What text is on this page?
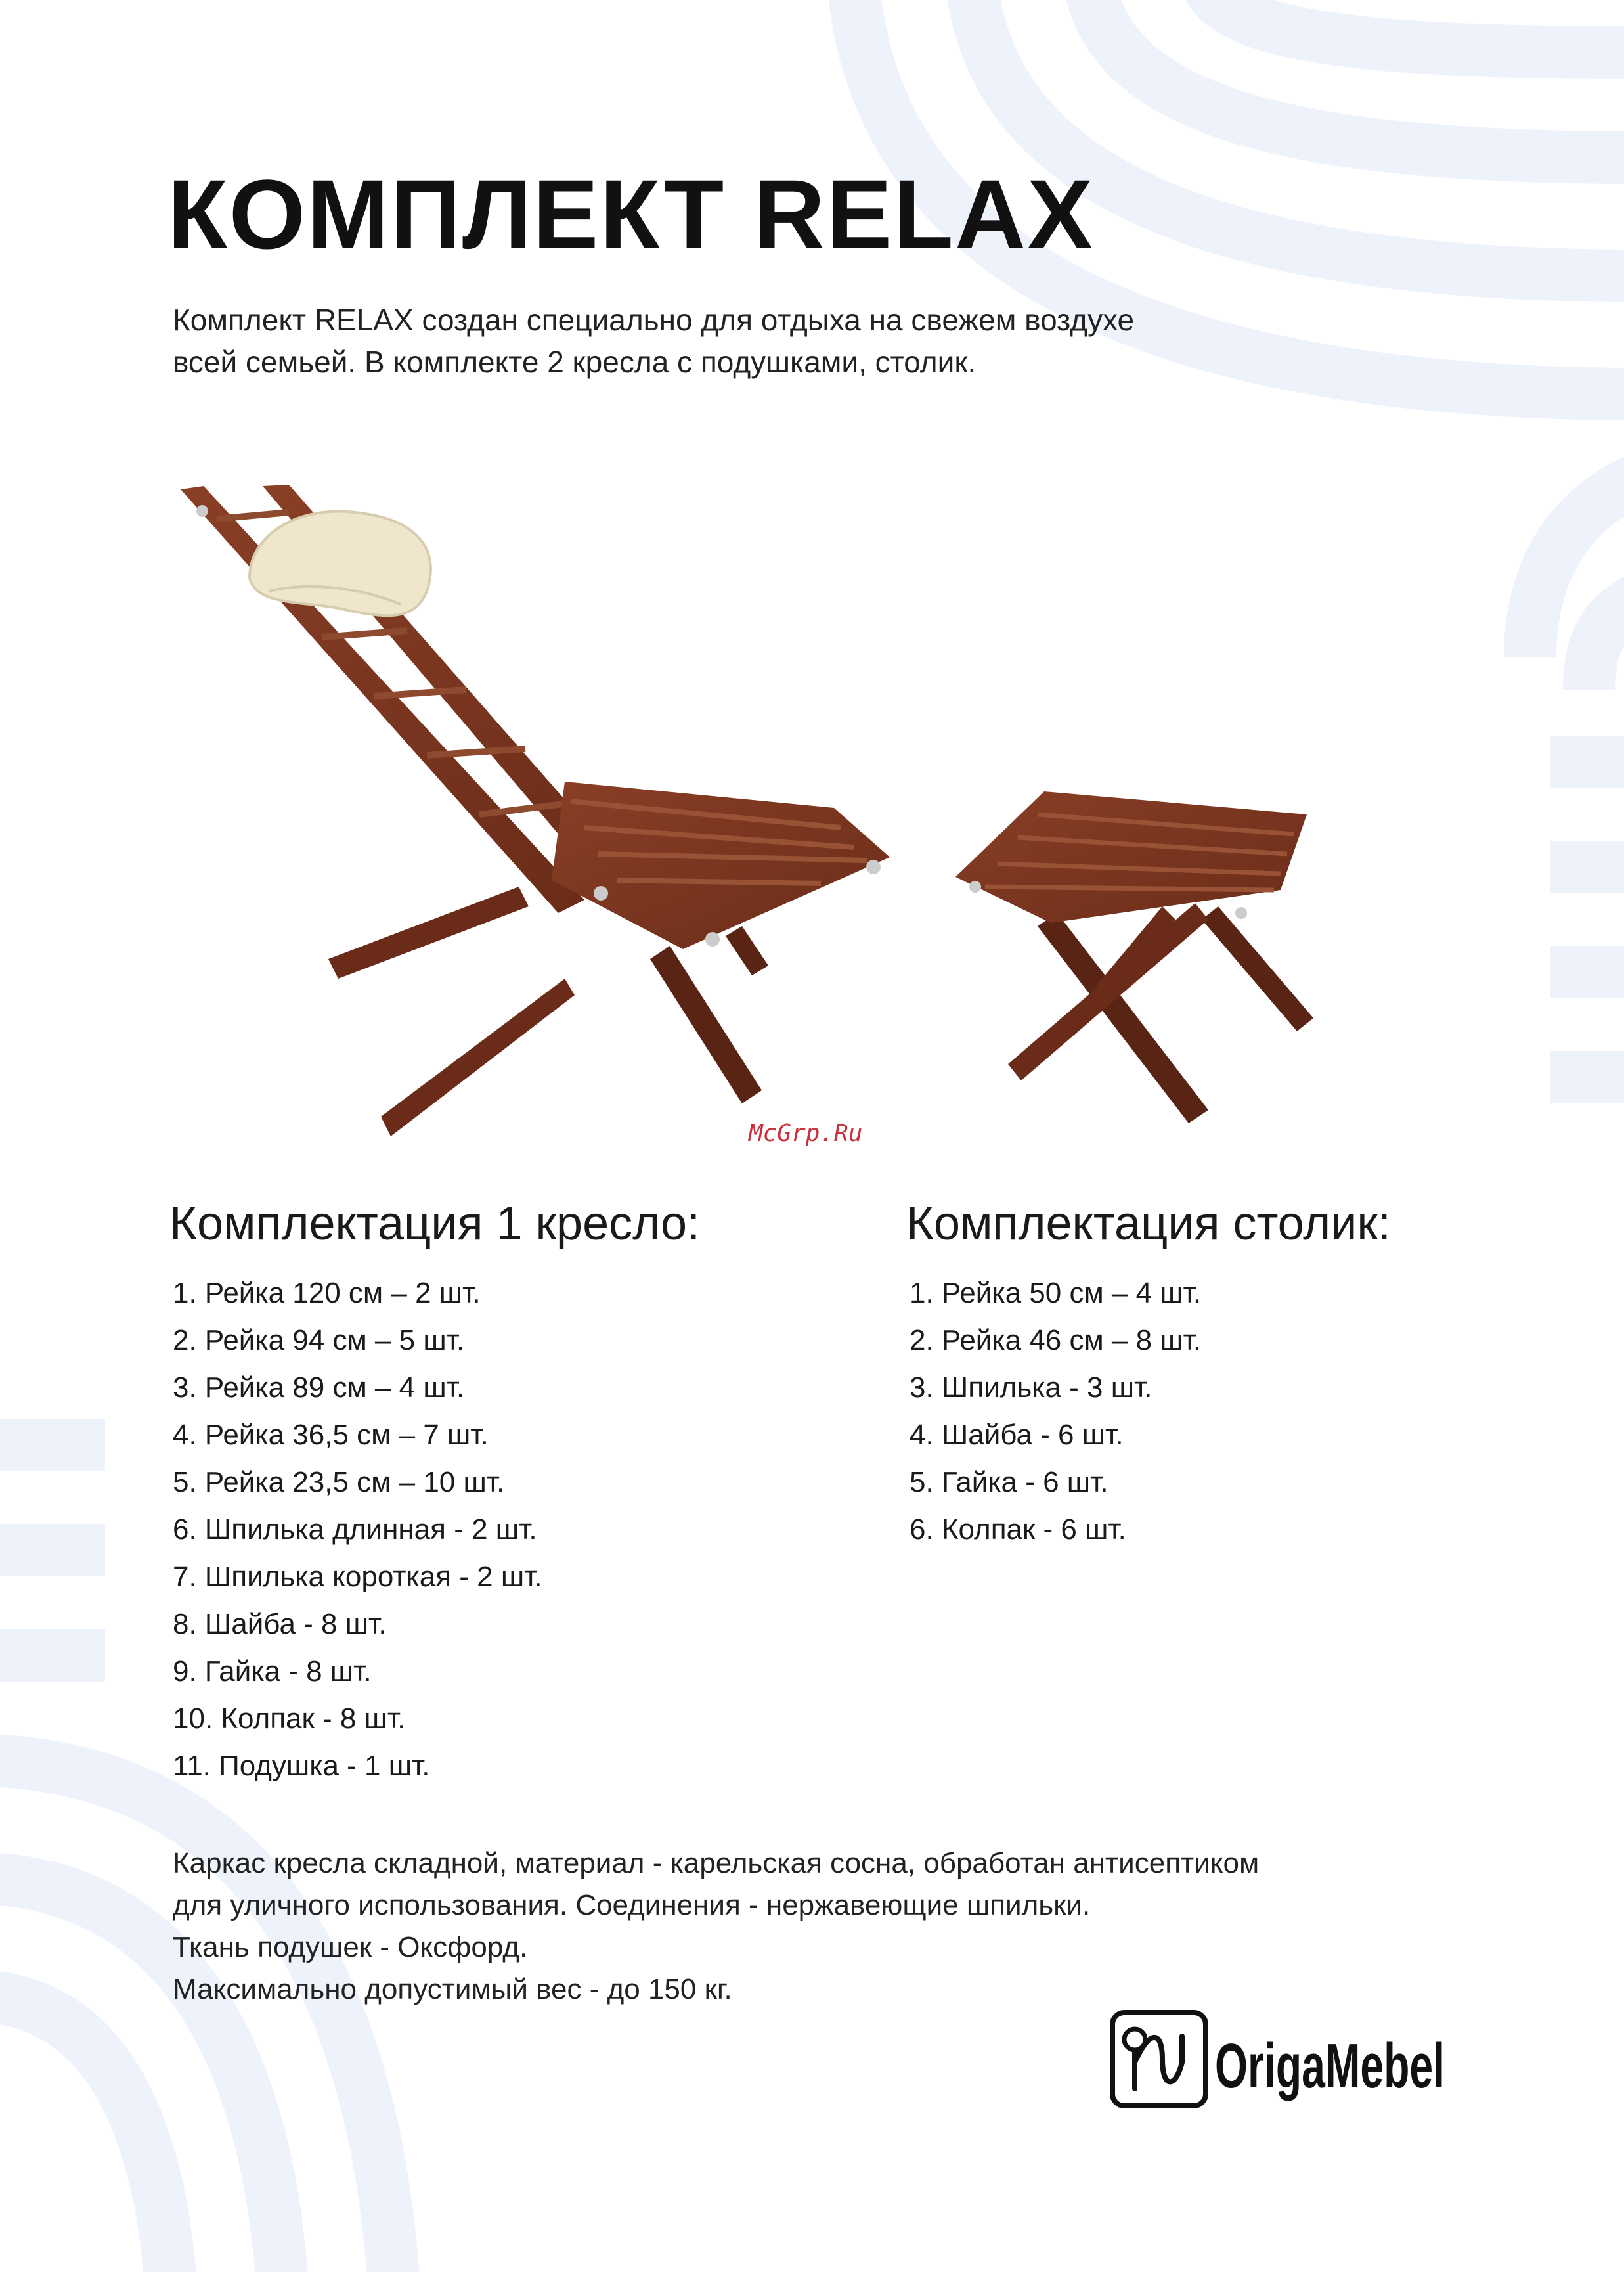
КОМПЛЕКТ RELAX
Комплект RELAX создан специально для отдыха на свежем воздухе
всей семьей. В комплекте 2 кресла с подушками, столик.
McGrp.Ru
Комплектация 1 кресло:
1. Рейка 120 см – 2 шт.
2. Рейка 94 см – 5 шт.
3. Рейка 89 см – 4 шт.
4. Рейка 36,5 см – 7 шт.
5. Рейка 23,5 см – 10 шт.
6. Шпилька длинная - 2 шт.
7. Шпилька короткая - 2 шт.
8. Шайба - 8 шт.
9. Гайка - 8 шт.
10. Колпак - 8 шт.
11. Подушка - 1 шт.
Комплектация столик:
1. Рейка 50 см – 4 шт.
2. Рейка 46 см – 8 шт.
3. Шпилька - 3 шт.
4. Шайба - 6 шт.
5. Гайка - 6 шт.
6. Колпак - 6 шт.
Каркас кресла складной, материал - карельская сосна, обработан антисептиком
для уличного использования. Соединения - нержавеющие шпильки.
Ткань подушек - Оксфорд.
Максимально допустимый вес - до 150 кг.
OrigaMebel
